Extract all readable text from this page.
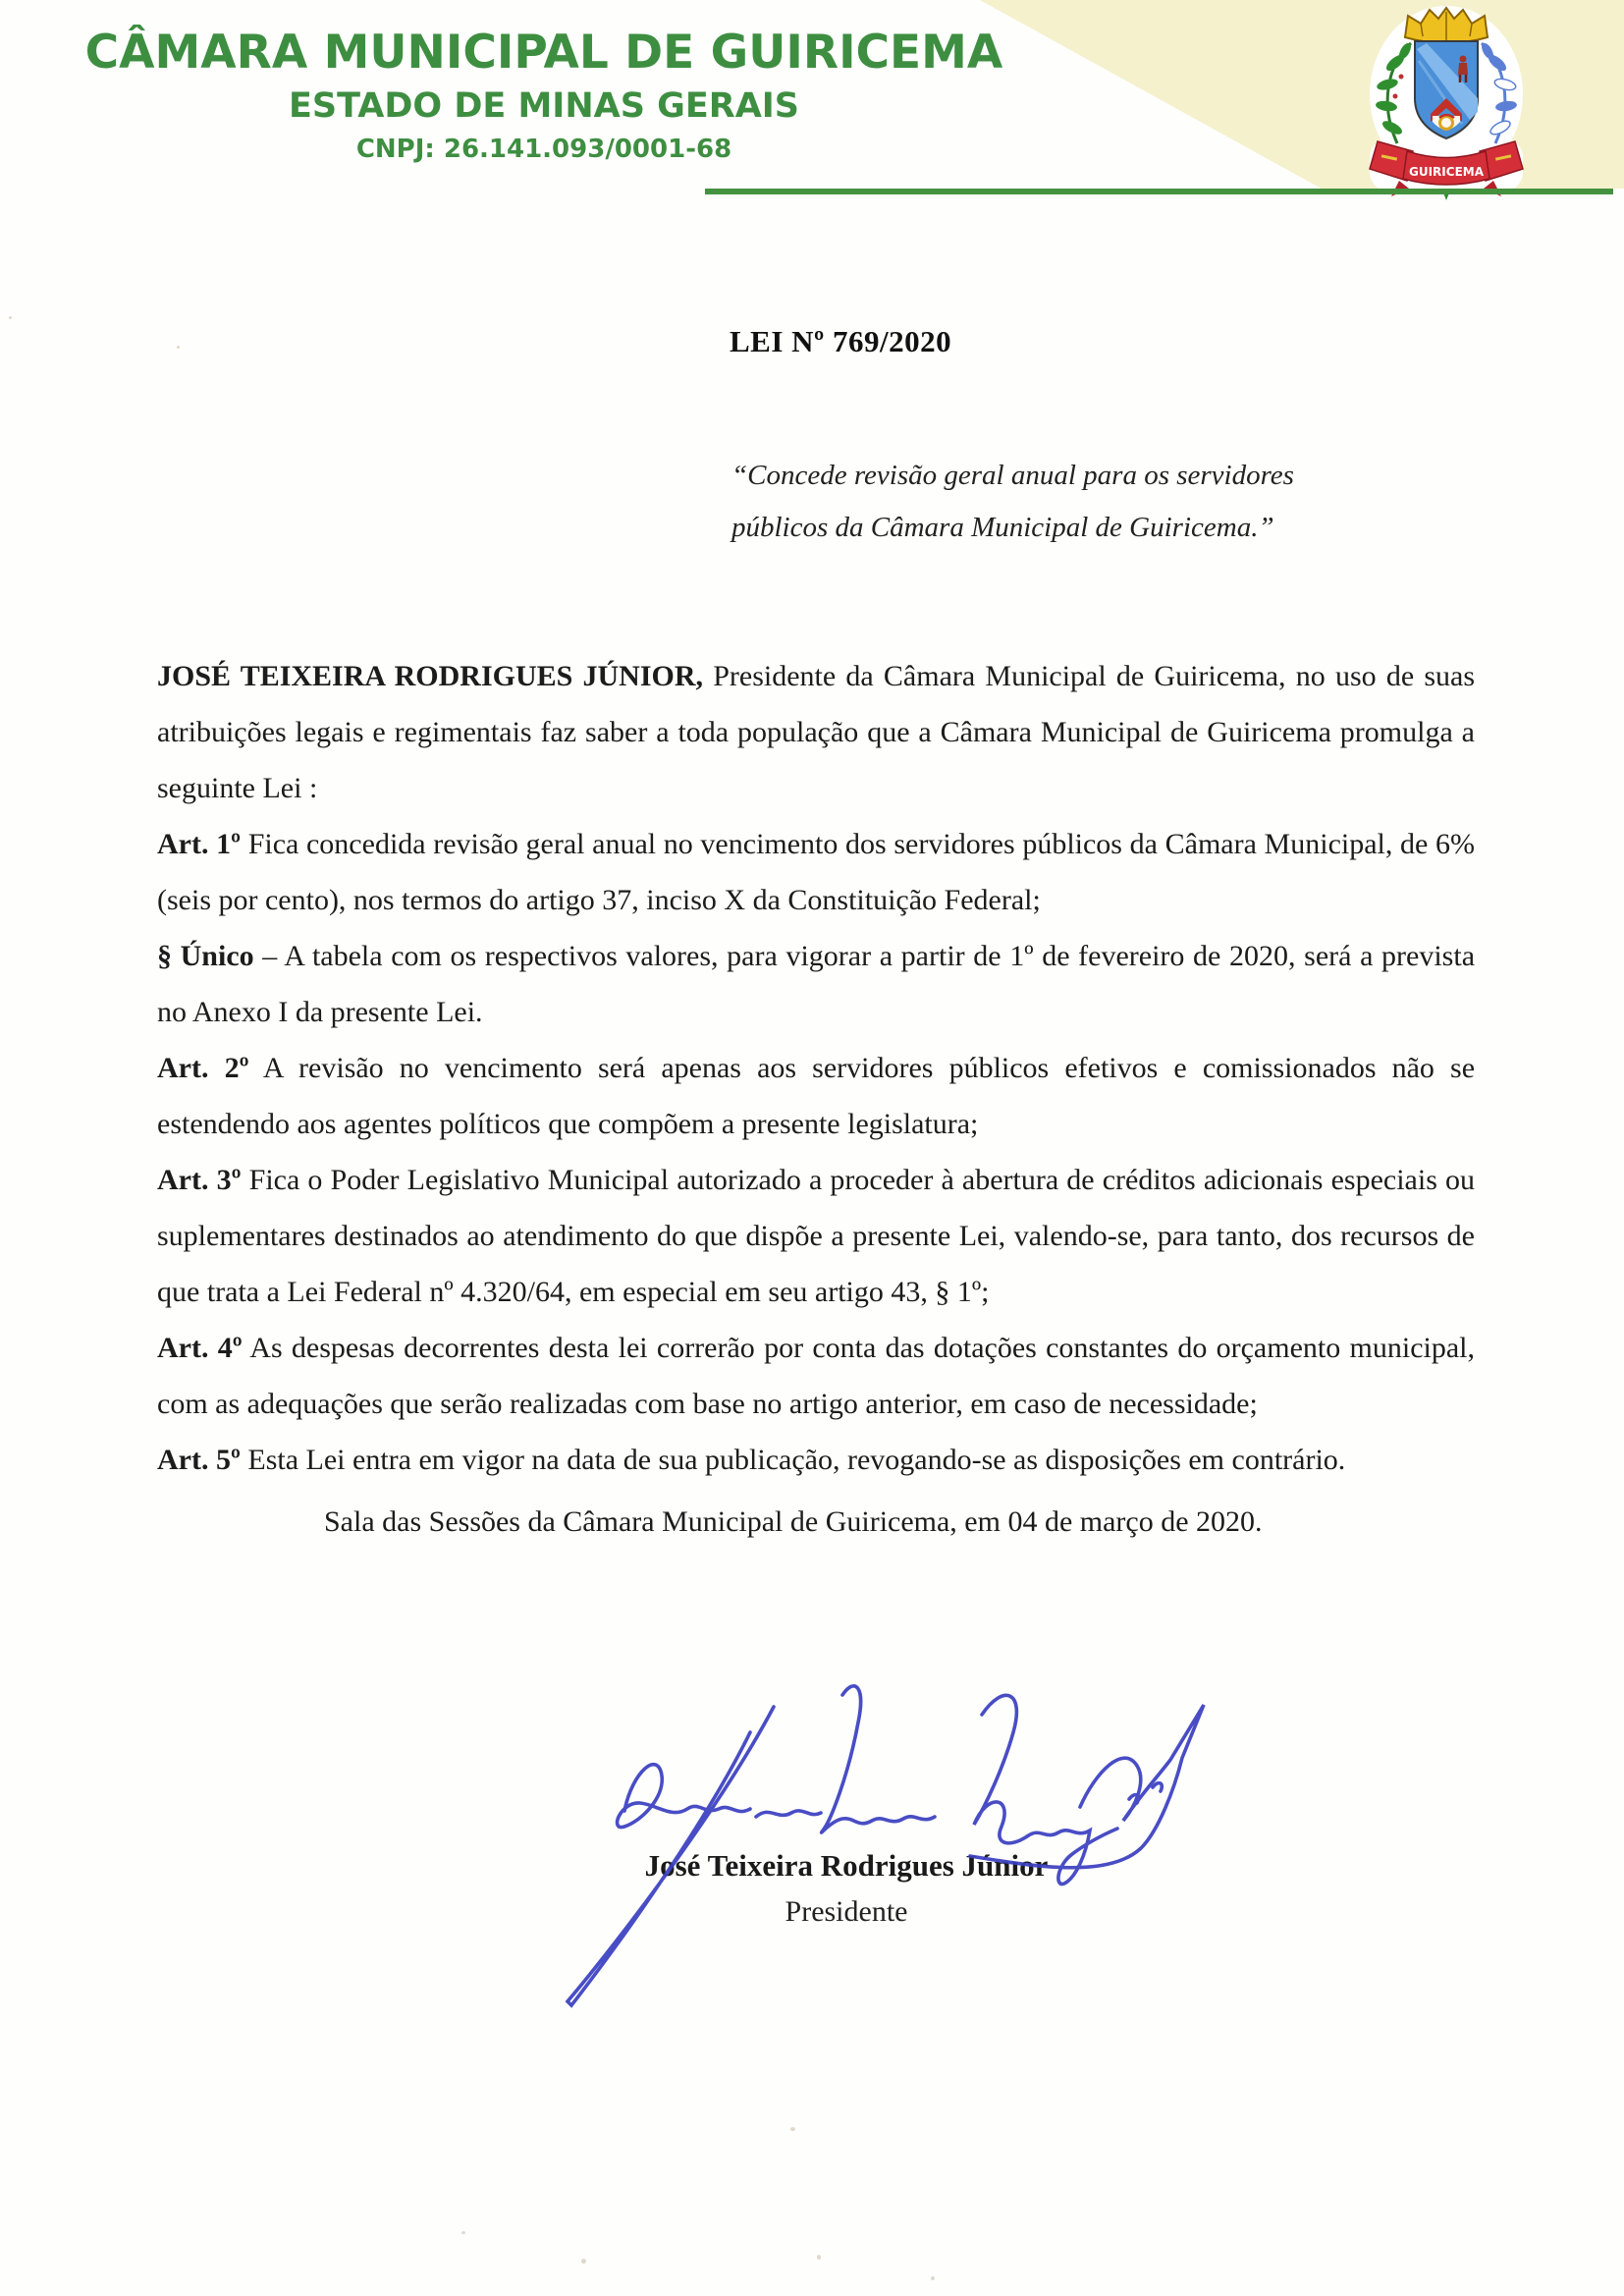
CÂMARA MUNICIPAL DE GUIRICEMA
ESTADO DE MINAS GERAIS
CNPJ: 26.141.093/0001-68
GUIRICEMA
LEI Nº 769/2020
“Concede revisão geral anual para os servidores
públicos da Câmara Municipal de Guiricema.”

JOSÉ TEIXEIRA RODRIGUES JÚNIOR, Presidente da Câmara Municipal de Guiricema, no uso de suas atribuições legais e regimentais faz saber a toda população que a Câmara Municipal de Guiricema promulga a seguinte Lei :

Art. 1º Fica concedida revisão geral anual no vencimento dos servidores públicos da Câmara Municipal, de 6% (seis por cento), nos termos do artigo 37, inciso X da Constituição Federal;

§ Único – A tabela com os respectivos valores, para vigorar a partir de 1º de fevereiro de 2020, será a prevista no Anexo I da presente Lei.

Art. 2º A revisão no vencimento será apenas aos servidores públicos efetivos e comissionados não se estendendo aos agentes políticos que compõem a presente legislatura;

Art. 3º Fica o Poder Legislativo Municipal autorizado a proceder à abertura de créditos adicionais especiais ou suplementares destinados ao atendimento do que dispõe a presente Lei, valendo-se, para tanto, dos recursos de que trata a Lei Federal nº 4.320/64, em especial em seu artigo 43, § 1º;

Art. 4º As despesas decorrentes desta lei correrão por conta das dotações constantes do orçamento municipal, com as adequações que serão realizadas com base no artigo anterior, em caso de necessidade;

Art. 5º Esta Lei entra em vigor na data de sua publicação, revogando-se as disposições em contrário.

Sala das Sessões da Câmara Municipal de Guiricema, em 04 de março de 2020.

José Teixeira Rodrigues Júnior
Presidente
